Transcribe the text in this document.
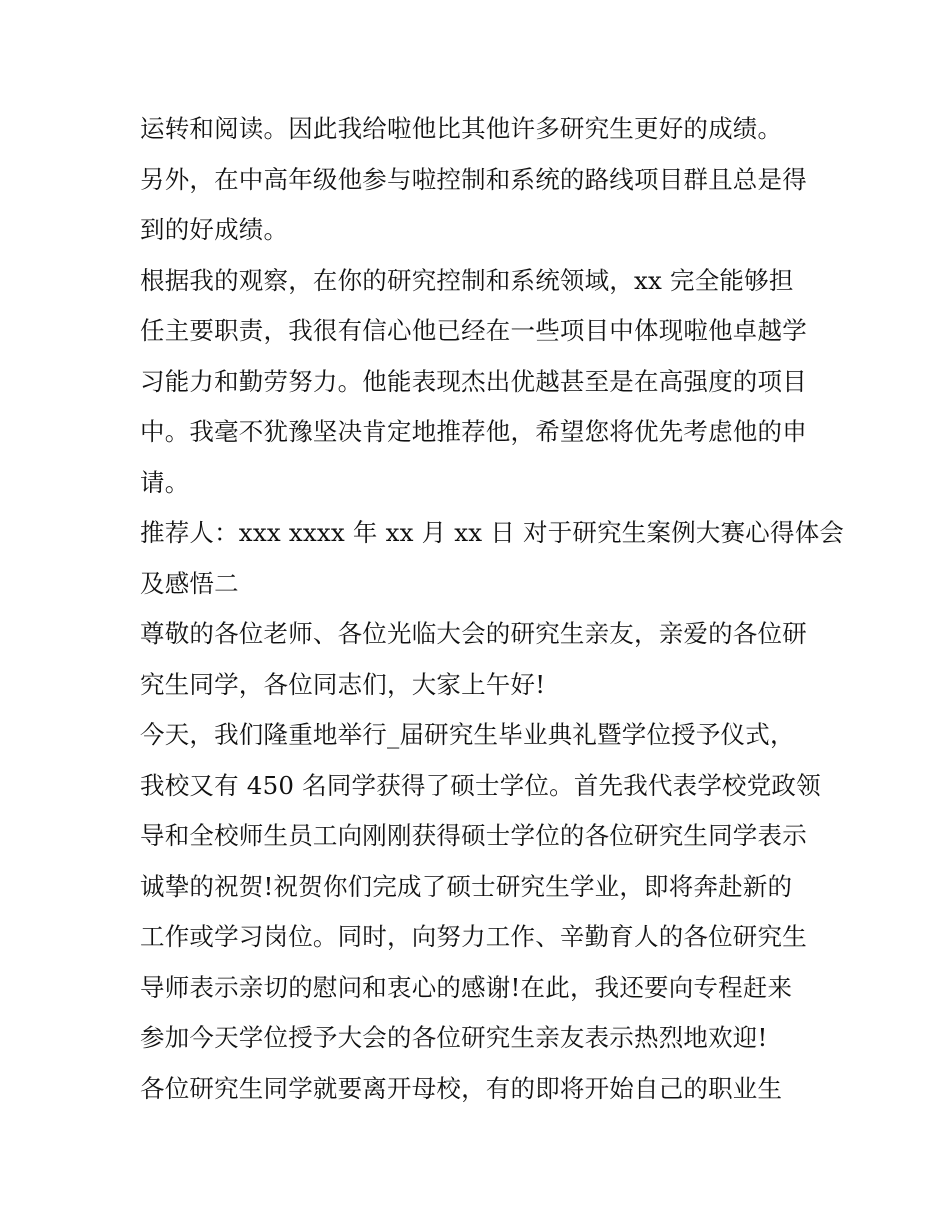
运转和阅读。因此我给啦他比其他许多研究生更好的成绩。
另外，在中高年级他参与啦控制和系统的路线项目群且总是得
到的好成绩。
根据我的观察，在你的研究控制和系统领域，xx 完全能够担
任主要职责，我很有信心他已经在一些项目中体现啦他卓越学
习能力和勤劳努力。他能表现杰出优越甚至是在高强度的项目
中。我毫不犹豫坚决肯定地推荐他，希望您将优先考虑他的申
请。
推荐人：xxx xxxx 年 xx 月 xx 日 对于研究生案例大赛心得体会
及感悟二
尊敬的各位老师、各位光临大会的研究生亲友，亲爱的各位研
究生同学，各位同志们，大家上午好!
今天，我们隆重地举行_届研究生毕业典礼暨学位授予仪式，
我校又有 450 名同学获得了硕士学位。首先我代表学校党政领
导和全校师生员工向刚刚获得硕士学位的各位研究生同学表示
诚挚的祝贺!祝贺你们完成了硕士研究生学业，即将奔赴新的
工作或学习岗位。同时，向努力工作、辛勤育人的各位研究生
导师表示亲切的慰问和衷心的感谢!在此，我还要向专程赶来
参加今天学位授予大会的各位研究生亲友表示热烈地欢迎!
各位研究生同学就要离开母校，有的即将开始自己的职业生
